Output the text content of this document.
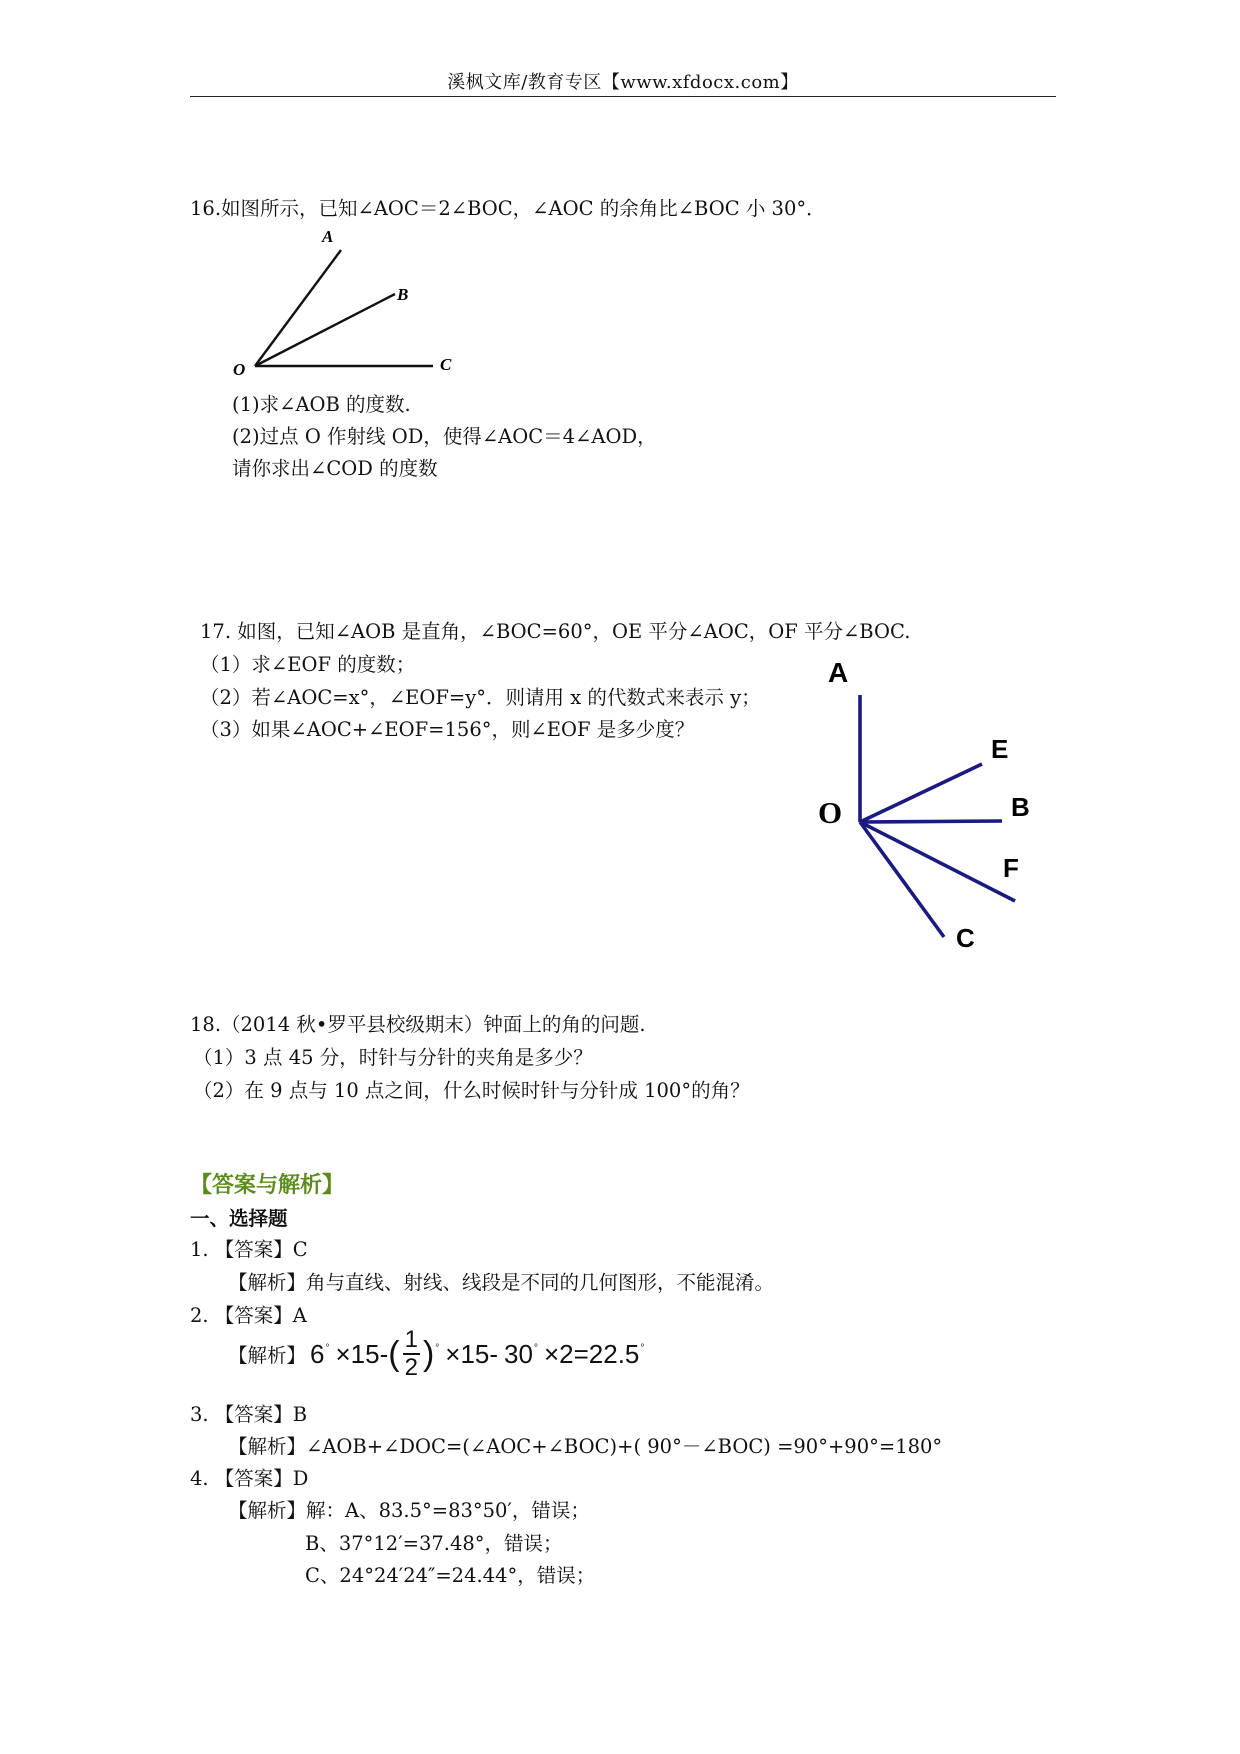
溪枫文库/教育专区【www.xfdocx.com】
16.如图所示，已知∠AOC＝2∠BOC，∠AOC 的余角比∠BOC 小 30°．
A
B
C
O
(1)求∠AOB 的度数.
(2)过点 O 作射线 OD，使得∠AOC＝4∠AOD，
请你求出∠COD 的度数
17. 如图，已知∠AOB 是直角，∠BOC=60°，OE 平分∠AOC，OF 平分∠BOC.
（1）求∠EOF 的度数；
（2）若∠AOC=x°，∠EOF=y°．则请用 x 的代数式来表示 y；
（3）如果∠AOC+∠EOF=156°，则∠EOF 是多少度？
A
E
O	B
F
C
18.（2014 秋•罗平县校级期末）钟面上的角的问题.
（1）3 点 45 分，时针与分针的夹角是多少？
（2）在 9 点与 10 点之间，什么时候时针与分针成 100°的角？
【答案与解析】
一、选择题
1. 【答案】C
【解析】角与直线、射线、线段是不同的几何图形，不能混淆。
2. 【答案】A
【解析】 6 ° ×15- ( $\frac{1}{2}$ ) ° ×15- 30 ° ×2 =22.5 °
3. 【答案】B
【解析】∠AOB+∠DOC=(∠AOC+∠BOC)+( 90°－∠BOC) =90°+90°=180°
4. 【答案】D
【解析】解：A、83.5°=83°50′，错误；
B、37°12′=37.48°，错误；
C、24°24′24″=24.44°，错误；
